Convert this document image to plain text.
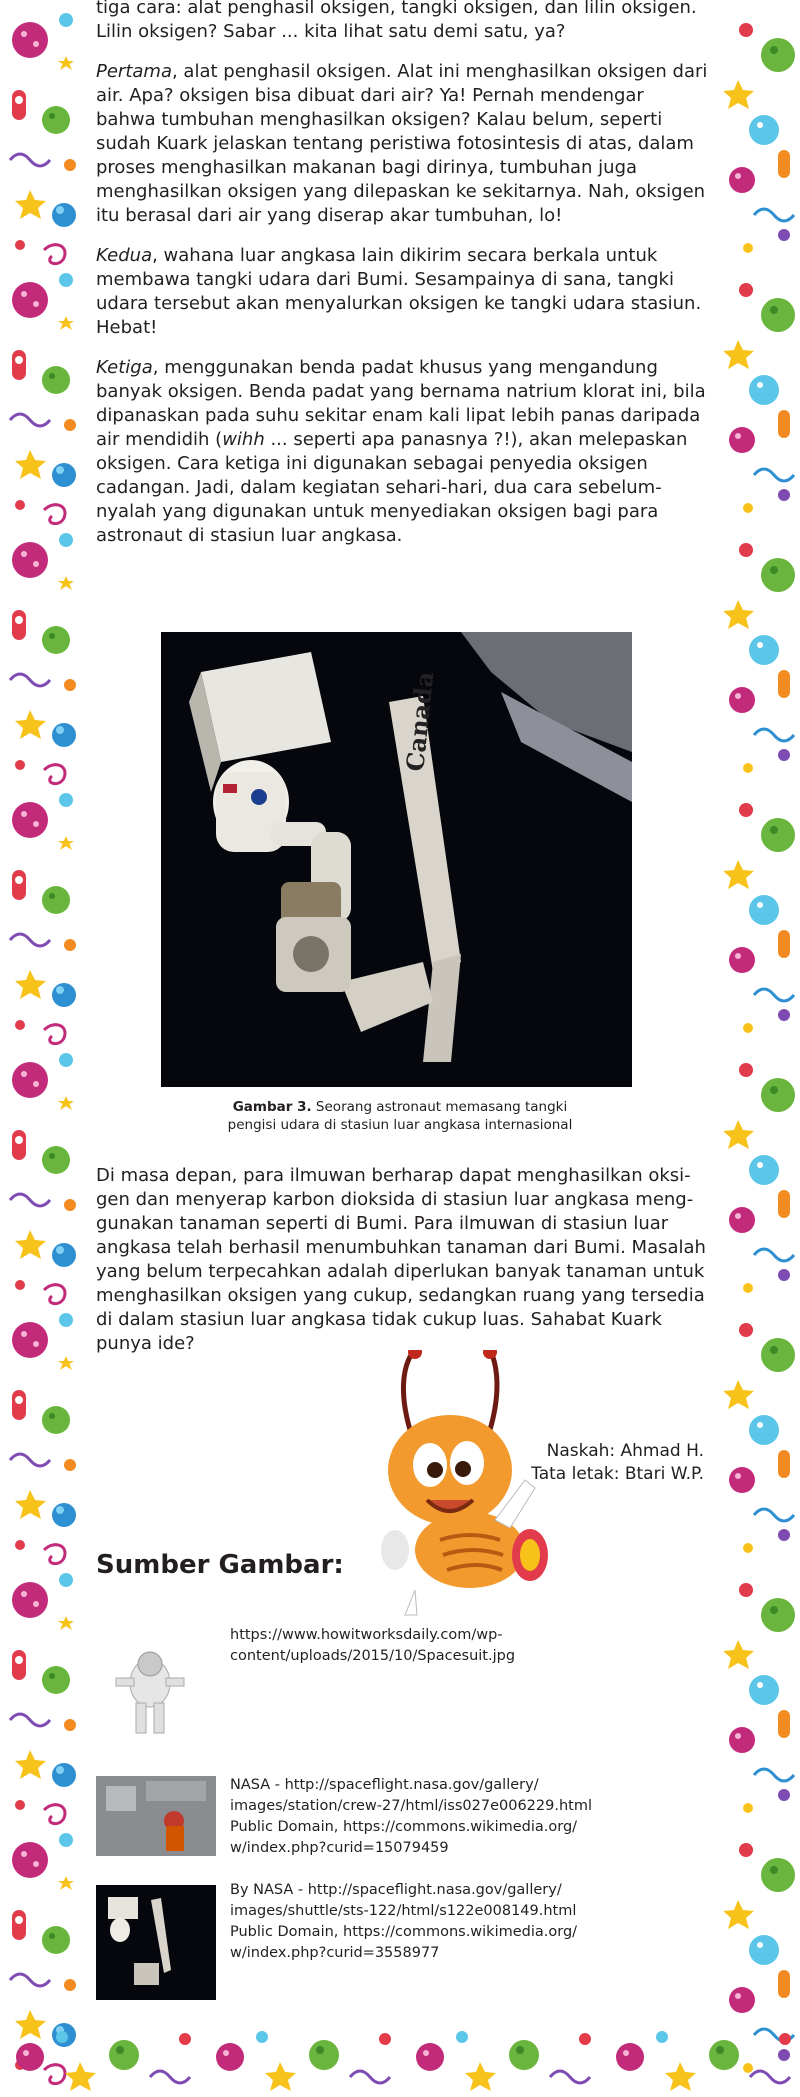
tiga cara: alat penghasil oksigen, tangki oksigen, dan lilin oksigen. Lilin oksigen? Sabar ... kita lihat satu demi satu, ya?

Pertama, alat penghasil oksigen. Alat ini menghasilkan oksigen dari air. Apa? oksigen bisa dibuat dari air? Ya! Pernah mendengar bahwa tumbuhan menghasilkan oksigen? Kalau belum, seperti sudah Kuark jelaskan tentang peristiwa fotosintesis di atas, dalam proses menghasilkan makanan bagi dirinya, tumbuhan juga menghasilkan oksigen yang dilepaskan ke sekitarnya. Nah, oksigen itu berasal dari air yang diserap akar tumbuhan, lo!

Kedua, wahana luar angkasa lain dikirim secara berkala untuk membawa tangki udara dari Bumi. Sesampainya di sana, tangki udara tersebut akan menyalurkan oksigen ke tangki udara stasiun. Hebat!

Ketiga, menggunakan benda padat khusus yang mengandung banyak oksigen. Benda padat yang bernama natrium klorat ini, bila dipanaskan pada suhu sekitar enam kali lipat lebih panas daripada air mendidih (wihh ... seperti apa panasnya ?!), akan melepaskan oksigen. Cara ketiga ini digunakan sebagai penyedia oksigen cadangan. Jadi, dalam kegiatan sehari-hari, dua cara sebelum-nyalah yang digunakan untuk menyediakan oksigen bagi para astronaut di stasiun luar angkasa.

Canada
Gambar 3. Seorang astronaut memasang tangki
pengisi udara di stasiun luar angkasa internasional

Di masa depan, para ilmuwan berharap dapat menghasilkan oksi-gen dan menyerap karbon dioksida di stasiun luar angkasa meng-gunakan tanaman seperti di Bumi. Para ilmuwan di stasiun luar angkasa telah berhasil menumbuhkan tanaman dari Bumi. Masalah yang belum terpecahkan adalah diperlukan banyak tanaman untuk menghasilkan oksigen yang cukup, sedangkan ruang yang tersedia di dalam stasiun luar angkasa tidak cukup luas. Sahabat Kuark punya ide?

Naskah: Ahmad H.
Tata letak: Btari W.P.
Sumber Gambar:
https://www.howitworksdaily.com/wp-
content/uploads/2015/10/Spacesuit.jpg
NASA - http://spaceflight.nasa.gov/gallery/
images/station/crew-27/html/iss027e006229.html
Public Domain, https://commons.wikimedia.org/
w/index.php?curid=15079459
By NASA - http://spaceflight.nasa.gov/gallery/
images/shuttle/sts-122/html/s122e008149.html
Public Domain, https://commons.wikimedia.org/
w/index.php?curid=3558977
